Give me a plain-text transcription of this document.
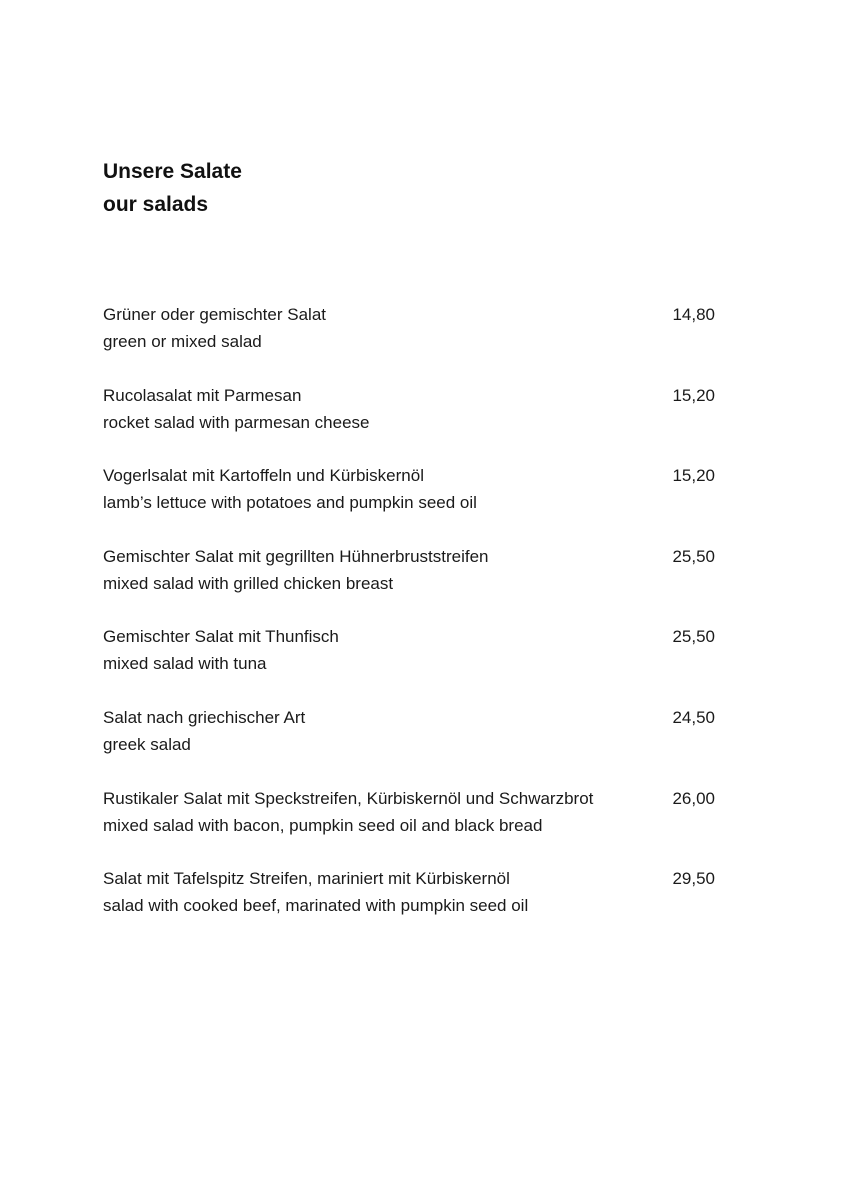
Unsere Salate
our salads
Grüner oder gemischter Salat
green or mixed salad
14,80
Rucolasalat mit Parmesan
rocket salad with parmesan cheese
15,20
Vogerlsalat mit Kartoffeln und Kürbiskernöl
lamb’s lettuce with potatoes and pumpkin seed oil
15,20
Gemischter Salat mit gegrillten Hühnerbruststreifen
mixed salad with grilled chicken breast
25,50
Gemischter Salat mit Thunfisch
mixed salad with tuna
25,50
Salat nach griechischer Art
greek salad
24,50
Rustikaler Salat mit Speckstreifen, Kürbiskernöl und Schwarzbrot
mixed salad with bacon, pumpkin seed oil and black bread
26,00
Salat mit Tafelspitz Streifen, mariniert mit Kürbiskernöl
salad with cooked beef, marinated with pumpkin seed oil
29,50
